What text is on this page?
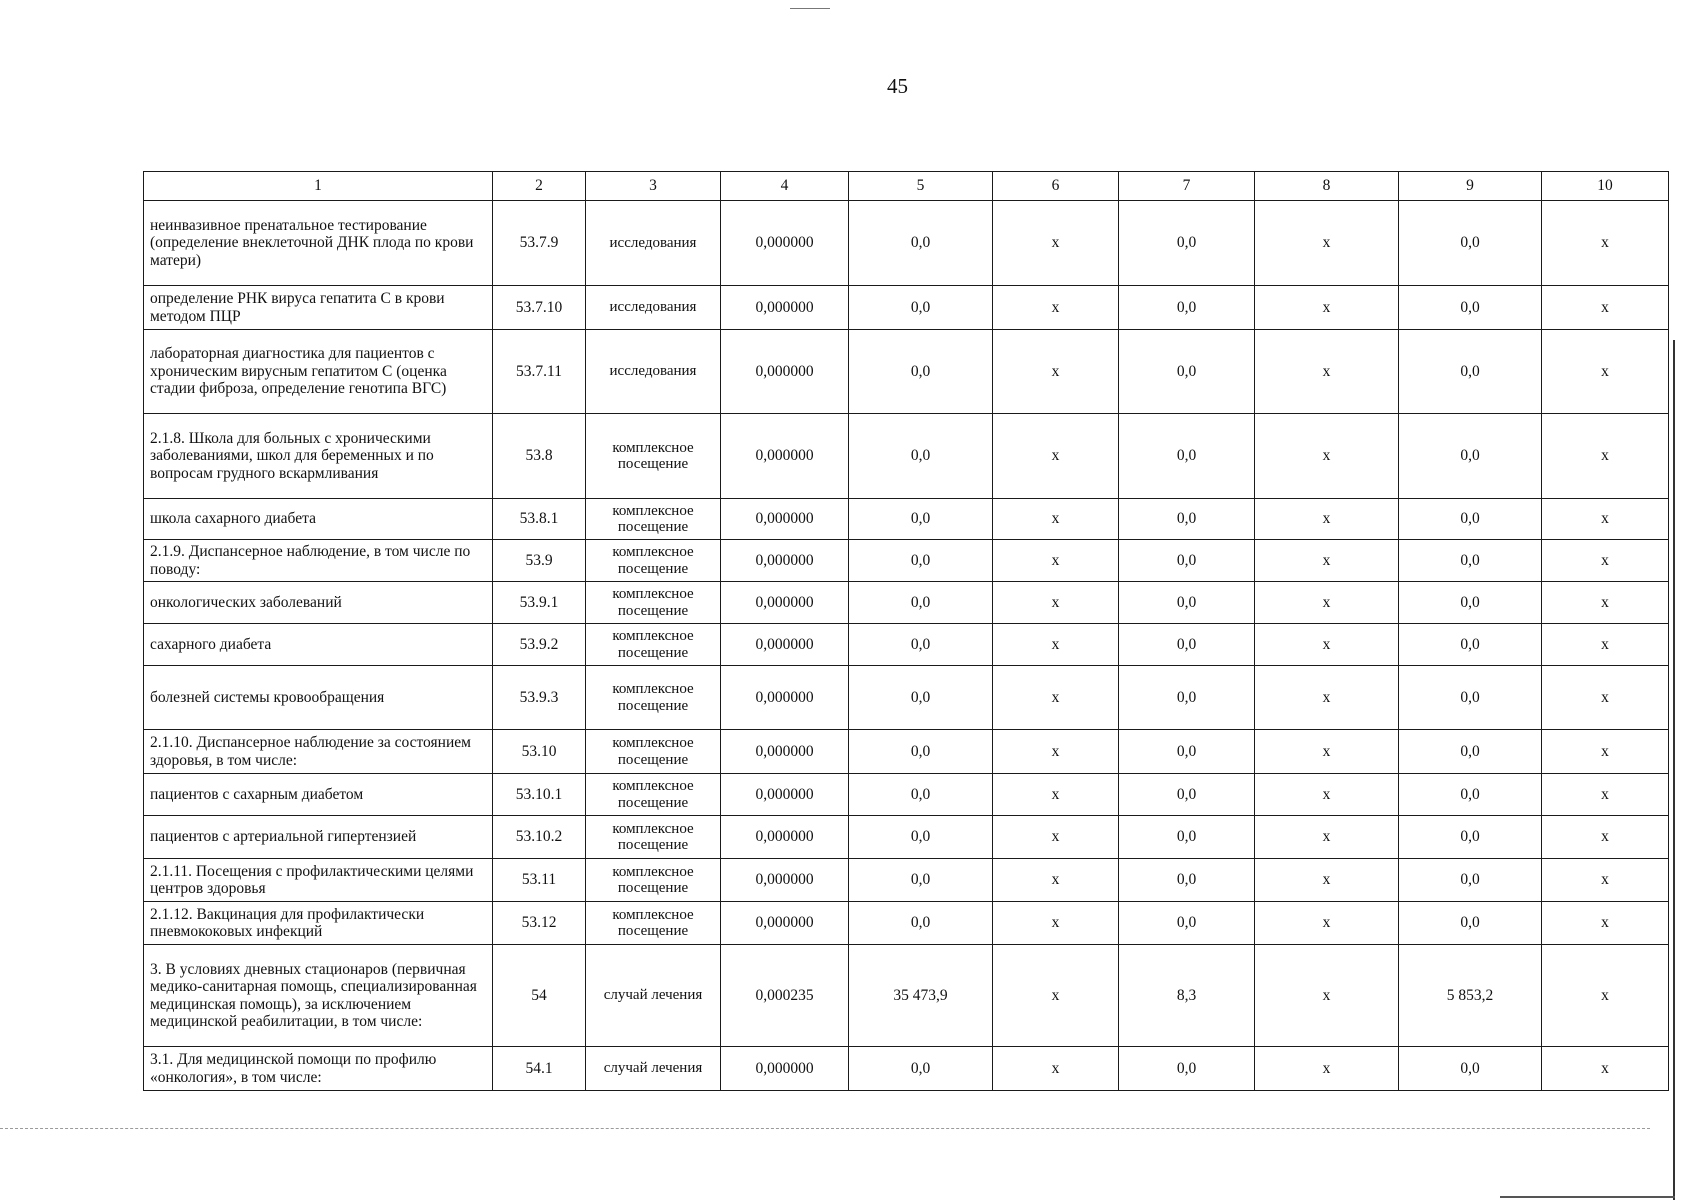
45
1	2	3	4	5	6	7	8	9	10
неинвазивное пренатальное тестирование (определение внеклеточной ДНК плода по крови матери)	53.7.9	исследования	0,000000	0,0	х	0,0	х	0,0	х
определение РНК вируса гепатита С в крови методом ПЦР	53.7.10	исследования	0,000000	0,0	х	0,0	х	0,0	х
лабораторная диагностика для пациентов с хроническим вирусным гепатитом С (оценка стадии фиброза, определение генотипа ВГС)	53.7.11	исследования	0,000000	0,0	х	0,0	х	0,0	х
2.1.8. Школа для больных с хроническими заболеваниями, школ для беременных и по вопросам грудного вскармливания	53.8	комплексное посещение	0,000000	0,0	х	0,0	х	0,0	х
школа сахарного диабета	53.8.1	комплексное посещение	0,000000	0,0	х	0,0	х	0,0	х
2.1.9. Диспансерное наблюдение, в том числе по поводу:	53.9	комплексное посещение	0,000000	0,0	х	0,0	х	0,0	х
онкологических заболеваний	53.9.1	комплексное посещение	0,000000	0,0	х	0,0	х	0,0	х
сахарного диабета	53.9.2	комплексное посещение	0,000000	0,0	х	0,0	х	0,0	х
болезней системы кровообращения	53.9.3	комплексное посещение	0,000000	0,0	х	0,0	х	0,0	х
2.1.10. Диспансерное наблюдение за состоянием здоровья, в том числе:	53.10	комплексное посещение	0,000000	0,0	х	0,0	х	0,0	х
пациентов с сахарным диабетом	53.10.1	комплексное посещение	0,000000	0,0	х	0,0	х	0,0	х
пациентов с артериальной гипертензией	53.10.2	комплексное посещение	0,000000	0,0	х	0,0	х	0,0	х
2.1.11. Посещения с профилактическими целями центров здоровья	53.11	комплексное посещение	0,000000	0,0	х	0,0	х	0,0	х
2.1.12. Вакцинация для профилактически пневмококовых инфекций	53.12	комплексное посещение	0,000000	0,0	х	0,0	х	0,0	х
3. В условиях дневных стационаров (первичная медико-санитарная помощь, специализированная медицинская помощь), за исключением медицинской реабилитации, в том числе:	54	случай лечения	0,000235	35 473,9	х	8,3	х	5 853,2	х
3.1. Для медицинской помощи по профилю «онкология», в том числе:	54.1	случай лечения	0,000000	0,0	х	0,0	х	0,0	х
